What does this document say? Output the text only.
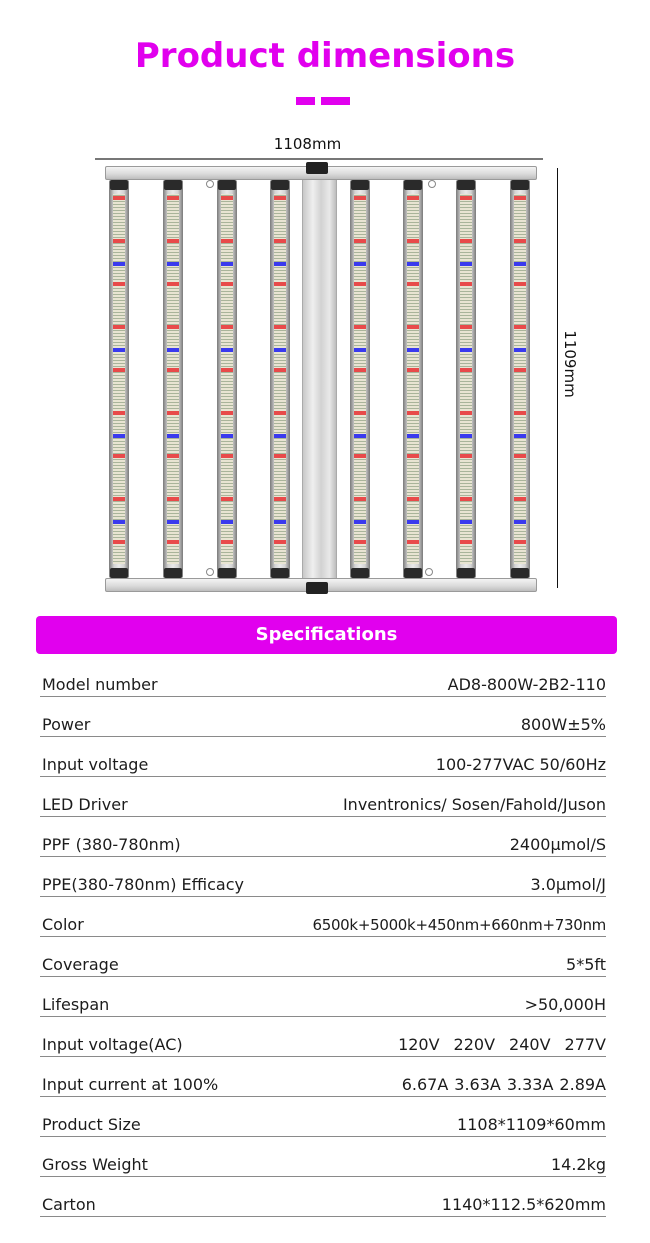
Product dimensions
1108mm
1109mm
Specifications
Model number	AD8-800W-2B2-110
Power	800W±5%
Input voltage	100-277VAC 50/60Hz
LED Driver	Inventronics/ Sosen/Fahold/Juson
PPF (380-780nm)	2400μmol/S
PPE(380-780nm) Efficacy	3.0μmol/J
Color	6500k+5000k+450nm+660nm+730nm
Coverage	5*5ft
Lifespan	>50,000H
Input voltage(AC)	120V 220V 240V 277V
Input current at 100%	6.67A 3.63A 3.33A 2.89A
Product Size	1108*1109*60mm
Gross Weight	14.2kg
Carton	1140*112.5*620mm
